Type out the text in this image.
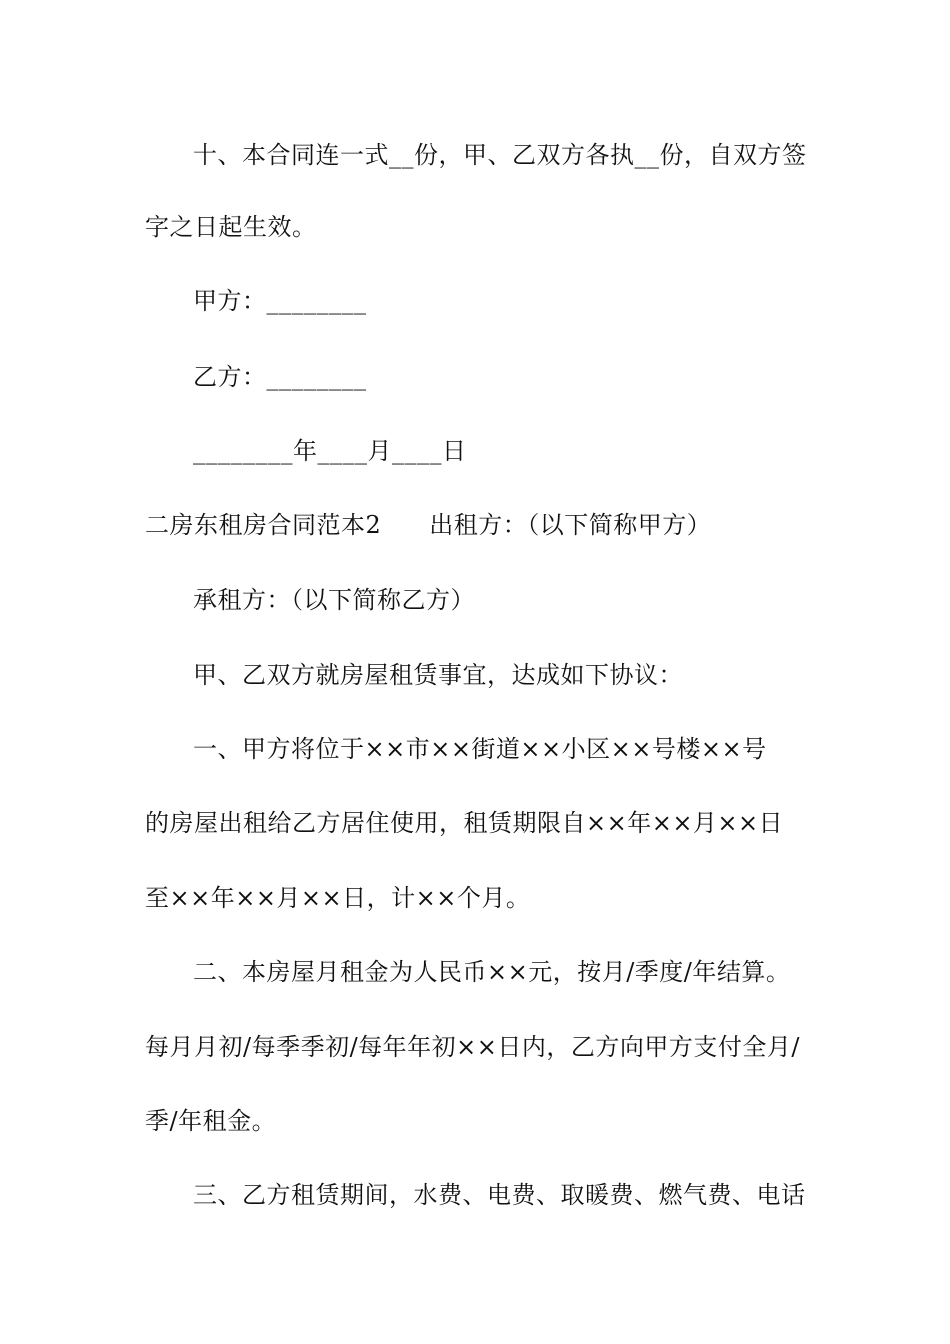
十、本合同连一式__份，甲、乙双方各执__份，自双方签
字之日起生效。
甲方：________
乙方：________
________年____月____日
二房东租房合同范本2 出租方：（以下简称甲方）
承租方：（以下简称乙方）
甲、乙双方就房屋租赁事宜，达成如下协议：
一、甲方将位于××市××街道××小区××号楼××号
的房屋出租给乙方居住使用，租赁期限自××年××月××日
至××年××月××日，计××个月。
二、本房屋月租金为人民币××元，按月/季度/年结算。
每月月初/每季季初/每年年初××日内，乙方向甲方支付全月/
季/年租金。
三、乙方租赁期间，水费、电费、取暖费、燃气费、电话
